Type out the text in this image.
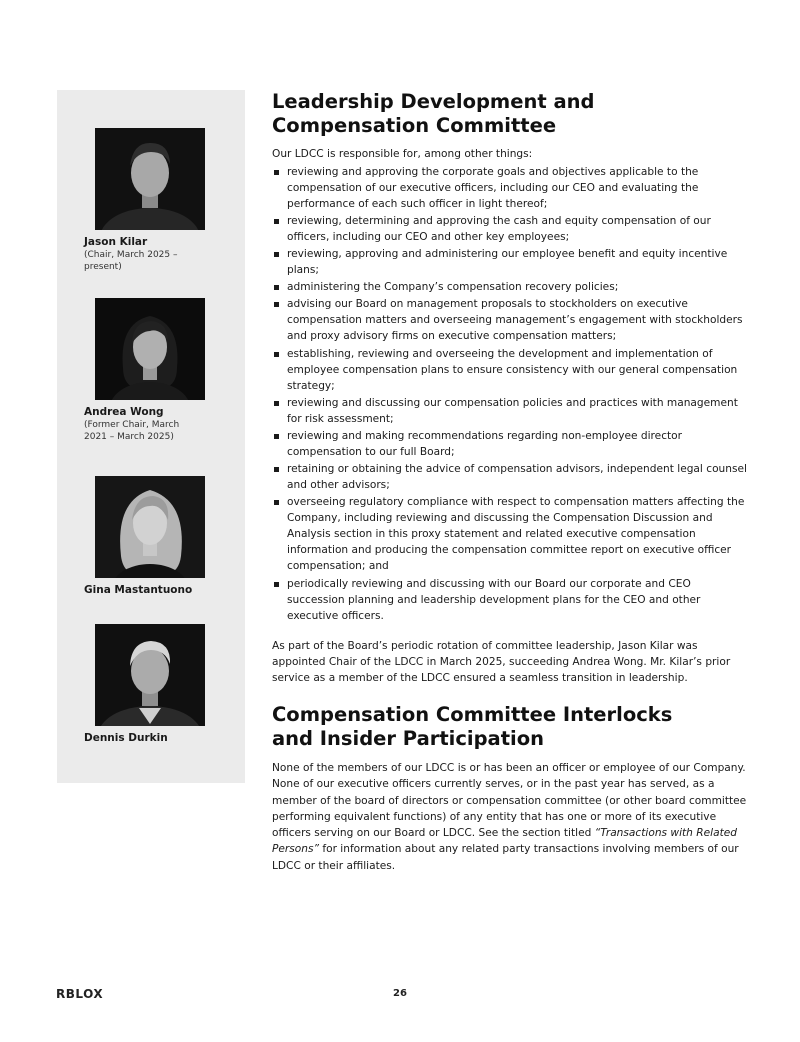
Jason Kilar
(Chair, March 2025 –
present)
Andrea Wong
(Former Chair, March
2021 – March 2025)
Gina Mastantuono
Dennis Durkin
Leadership Development and
Compensation Committee

Our LDCC is responsible for, among other things:

reviewing and approving the corporate goals and objectives applicable to the compensation of our executive officers, including our CEO and evaluating the performance of each such officer in light thereof;
reviewing, determining and approving the cash and equity compensation of our officers, including our CEO and other key employees;
reviewing, approving and administering our employee benefit and equity incentive plans;
administering the Company’s compensation recovery policies;
advising our Board on management proposals to stockholders on executive compensation matters and overseeing management’s engagement with stockholders and proxy advisory firms on executive compensation matters;
establishing, reviewing and overseeing the development and implementation of employee compensation plans to ensure consistency with our general compensation strategy;
reviewing and discussing our compensation policies and practices with management for risk assessment;
reviewing and making recommendations regarding non-employee director compensation to our full Board;
retaining or obtaining the advice of compensation advisors, independent legal counsel and other advisors;
overseeing regulatory compliance with respect to compensation matters affecting the Company, including reviewing and discussing the Compensation Discussion and Analysis section in this proxy statement and related executive compensation information and producing the compensation committee report on executive officer compensation; and
periodically reviewing and discussing with our Board our corporate and CEO succession planning and leadership development plans for the CEO and other executive officers.

As part of the Board’s periodic rotation of committee leadership, Jason Kilar was appointed Chair of the LDCC in March 2025, succeeding Andrea Wong. Mr. Kilar’s prior service as a member of the LDCC ensured a seamless transition in leadership.

Compensation Committee Interlocks
and Insider Participation

None of the members of our LDCC is or has been an officer or employee of our Company. None of our executive officers currently serves, or in the past year has served, as a member of the board of directors or compensation committee (or other board committee performing equivalent functions) of any entity that has one or more of its executive officers serving on our Board or LDCC. See the section titled “Transactions with Related Persons” for information about any related party transactions involving members of our LDCC or their affiliates.

RBLOX	26
